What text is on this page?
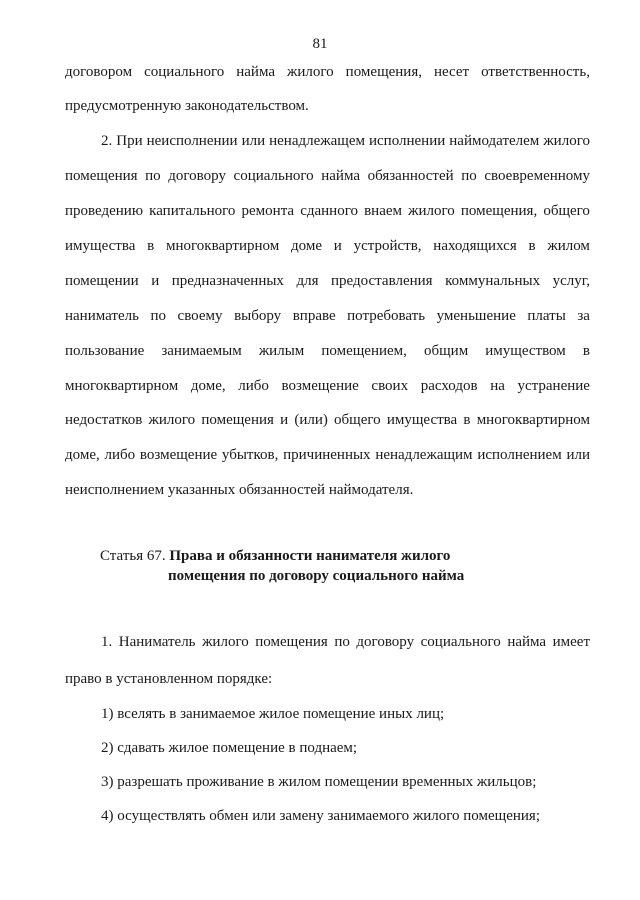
81
договором социального найма жилого помещения, несет ответственность,
предусмотренную законодательством.
2. При неисполнении или ненадлежащем исполнении наймодателем жилого
помещения по договору социального найма обязанностей по своевременному
проведению капитального ремонта сданного внаем жилого помещения, общего
имущества в многоквартирном доме и устройств, находящихся в жилом
помещении и предназначенных для предоставления коммунальных услуг,
наниматель по своему выбору вправе потребовать уменьшение платы за
пользование занимаемым жилым помещением, общим имуществом в
многоквартирном доме, либо возмещение своих расходов на устранение
недостатков жилого помещения и (или) общего имущества в многоквартирном
доме, либо возмещение убытков, причиненных ненадлежащим исполнением или
неисполнением указанных обязанностей наймодателя.
Статья 67. Права и обязанности нанимателя жилого
помещения по договору социального найма
1. Наниматель жилого помещения по договору социального найма имеет
право в установленном порядке:
1) вселять в занимаемое жилое помещение иных лиц;
2) сдавать жилое помещение в поднаем;
3) разрешать проживание в жилом помещении временных жильцов;
4) осуществлять обмен или замену занимаемого жилого помещения;
